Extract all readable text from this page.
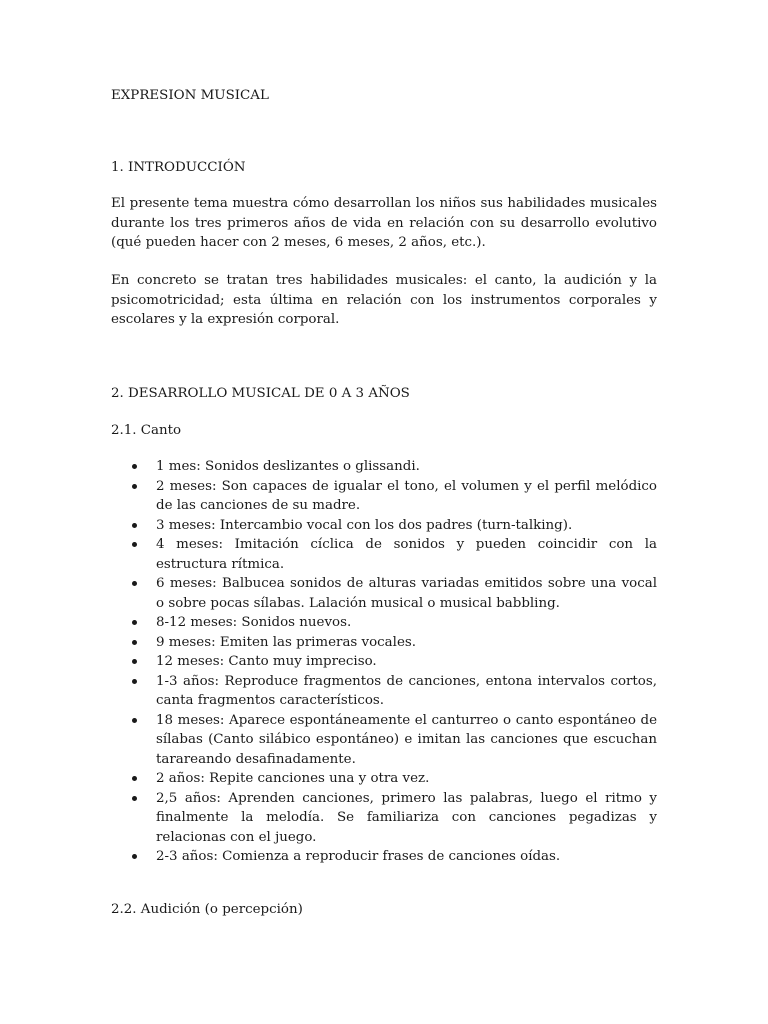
EXPRESION MUSICAL
1. INTRODUCCIÓN

El presente tema muestra cómo desarrollan los niños sus habilidades musicales durante los tres primeros años de vida en relación con su desarrollo evolutivo (qué pueden hacer con 2 meses, 6 meses, 2 años, etc.).

En concreto se tratan tres habilidades musicales: el canto, la audición y la psicomotricidad; esta última en relación con los instrumentos corporales y escolares y la expresión corporal.

2. DESARROLLO MUSICAL DE 0 A 3 AÑOS
2.1. Canto
1 mes: Sonidos deslizantes o glissandi.
2 meses: Son capaces de igualar el tono, el volumen y el perfil melódico de las canciones de su madre.
3 meses: Intercambio vocal con los dos padres (turn-talking).
4 meses: Imitación cíclica de sonidos y pueden coincidir con la estructura rítmica.
6 meses: Balbucea sonidos de alturas variadas emitidos sobre una vocal o sobre pocas sílabas. Lalación musical o musical babbling.
8-12 meses: Sonidos nuevos.
9 meses: Emiten las primeras vocales.
12 meses: Canto muy impreciso.
1-3 años: Reproduce fragmentos de canciones, entona intervalos cortos, canta fragmentos característicos.
18 meses: Aparece espontáneamente el canturreo o canto espontáneo de sílabas (Canto silábico espontáneo) e imitan las canciones que escuchan tarareando desafinadamente.
2 años: Repite canciones una y otra vez.
2,5 años: Aprenden canciones, primero las palabras, luego el ritmo y finalmente la melodía. Se familiariza con canciones pegadizas y relacionas con el juego.
2-3 años: Comienza a reproducir frases de canciones oídas.
2.2. Audición (o percepción)
